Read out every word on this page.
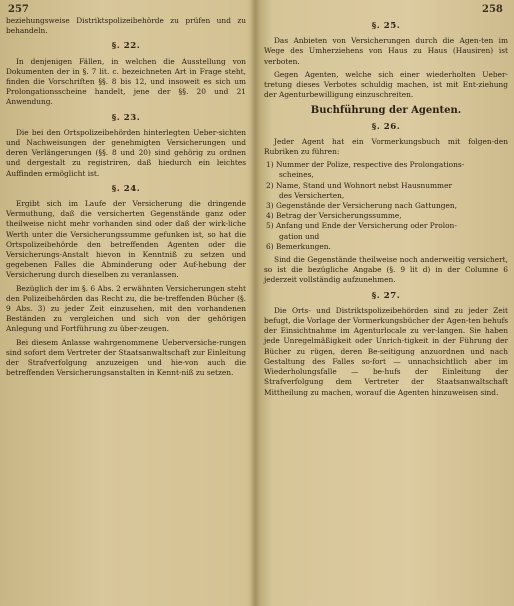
257	258

beziehungsweise Distriktspolizeibehörde zu prüfen und zu behandeln.

§. 22.

In denjenigen Fällen, in welchen die Ausstellung von Dokumenten der in §. 7 lit. c. bezeichneten Art in Frage steht, finden die Vorschriften §§. 8 bis 12, und insoweit es sich um Prolongationsscheine handelt, jene der §§. 20 und 21 Anwendung.

§. 23.

Die bei den Ortspolizeibehörden hinterlegten Ueber-sichten und Nachweisungen der genehmigten Versicherungen und deren Verlängerungen (§§. 8 und 20) sind gehörig zu ordnen und dergestalt zu registriren, daß hiedurch ein leichtes Auffinden ermöglicht ist.

§. 24.

Ergibt sich im Laufe der Versicherung die dringende Vermuthung, daß die versicherten Gegenstände ganz oder theilweise nicht mehr vorhanden sind oder daß der wirk-liche Werth unter die Versicherungssumme gefunken ist, so hat die Ortspolizeibehörde den betreffenden Agenten oder die Versicherungs-Anstalt hievon in Kenntniß zu setzen und gegebenen Falles die Abminderung oder Auf-hebung der Versicherung durch dieselben zu veranlassen.

Bezüglich der im §. 6 Abs. 2 erwähnten Versicherungen steht den Polizeibehörden das Recht zu, die be-treffenden Bücher (§. 9 Abs. 3) zu jeder Zeit einzusehen, mit den vorhandenen Beständen zu vergleichen und sich von der gehörigen Anlegung und Fortführung zu über-zeugen.

Bei diesem Anlasse wahrgenommene Ueberversiche-rungen sind sofort dem Vertreter der Staatsanwaltschaft zur Einleitung der Strafverfolgung anzuzeigen und hie-von auch die betreffenden Versicherungsanstalten in Kennt-niß zu setzen.

§. 25.

Das Anbieten von Versicherungen durch die Agen-ten im Wege des Umherziehens von Haus zu Haus (Hausiren) ist verboten.

Gegen Agenten, welche sich einer wiederholten Ueber-tretung dieses Verbotes schuldig machen, ist mit Ent-ziehung der Agenturbewilligung einzuschreiten.

Buchführung der Agenten.
§. 26.

Jeder Agent hat ein Vormerkungsbuch mit folgen-den Rubriken zu führen:

1) Nummer der Polize, respective des Prolongations-
scheines,
2) Name, Stand und Wohnort nebst Hausnummer
des Versicherten,
3) Gegenstände der Versicherung nach Gattungen,
4) Betrag der Versicherungssumme,
5) Anfang und Ende der Versicherung oder Prolon-
gation und
6) Bemerkungen.

Sind die Gegenstände theilweise noch anderweitig versichert, so ist die bezügliche Angabe (§. 9 lit d) in der Columne 6 jederzeit vollständig aufzunehmen.

§. 27.

Die Orts- und Distriktspolizeibehörden sind zu jeder Zeit befugt, die Vorlage der Vormerkungsbücher der Agen-ten behufs der Einsichtnahme im Agenturlocale zu ver-langen. Sie haben jede Unregelmäßigkeit oder Unrich-tigkeit in der Führung der Bücher zu rügen, deren Be-seitigung anzuordnen und nach Gestaltung des Falles so-fort — unnachsichtlich aber im Wiederholungsfalle — be-hufs der Einleitung der Strafverfolgung dem Vertreter der Staatsanwaltschaft Mittheilung zu machen, worauf die Agenten hinzuweisen sind.
